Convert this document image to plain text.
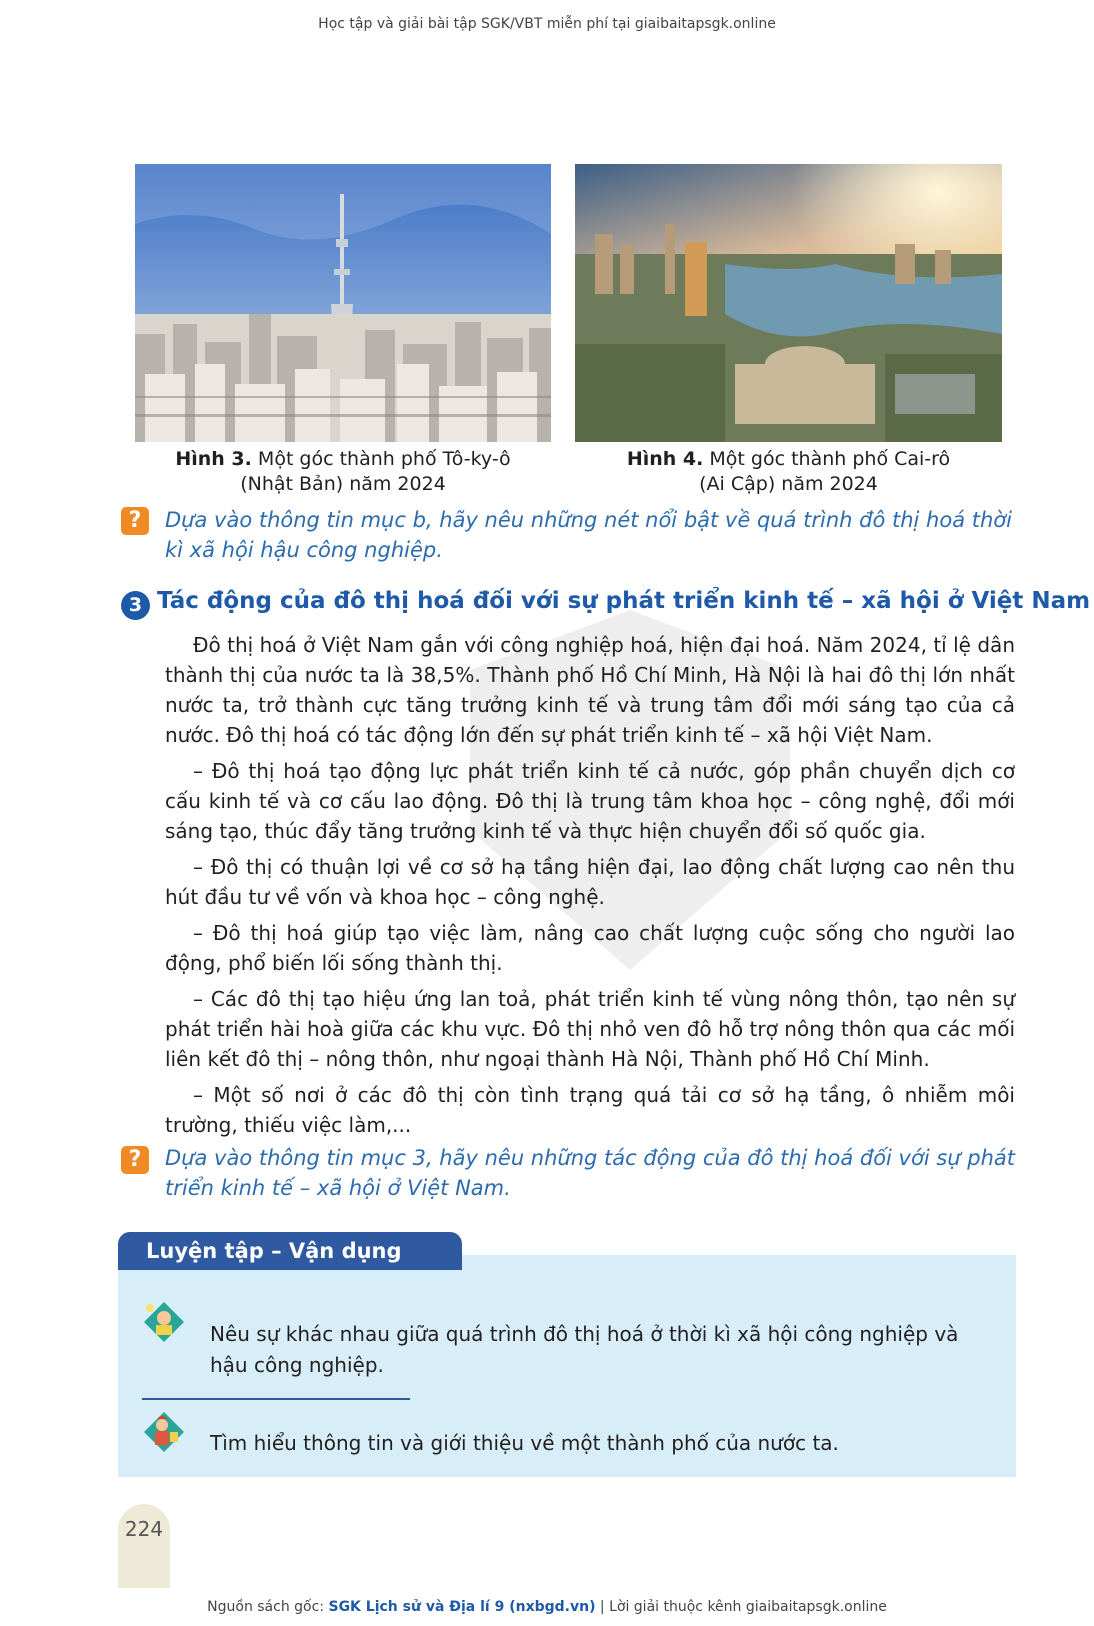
Học tập và giải bài tập SGK/VBT miễn phí tại giaibaitapsgk.online
Hình 3. Một góc thành phố Tô-ky-ô
(Nhật Bản) năm 2024
Hình 4. Một góc thành phố Cai-rô
(Ai Cập) năm 2024
?	Dựa vào thông tin mục b, hãy nêu những nét nổi bật về quá trình đô thị hoá thời kì xã hội hậu công nghiệp.
3 Tác động của đô thị hoá đối với sự phát triển kinh tế – xã hội ở Việt Nam

Đô thị hoá ở Việt Nam gắn với công nghiệp hoá, hiện đại hoá. Năm 2024, tỉ lệ dân thành thị của nước ta là 38,5%. Thành phố Hồ Chí Minh, Hà Nội là hai đô thị lớn nhất nước ta, trở thành cực tăng trưởng kinh tế và trung tâm đổi mới sáng tạo của cả nước. Đô thị hoá có tác động lớn đến sự phát triển kinh tế – xã hội Việt Nam.

– Đô thị hoá tạo động lực phát triển kinh tế cả nước, góp phần chuyển dịch cơ cấu kinh tế và cơ cấu lao động. Đô thị là trung tâm khoa học – công nghệ, đổi mới sáng tạo, thúc đẩy tăng trưởng kinh tế và thực hiện chuyển đổi số quốc gia.

– Đô thị có thuận lợi về cơ sở hạ tầng hiện đại, lao động chất lượng cao nên thu hút đầu tư về vốn và khoa học – công nghệ.

– Đô thị hoá giúp tạo việc làm, nâng cao chất lượng cuộc sống cho người lao động, phổ biến lối sống thành thị.

– Các đô thị tạo hiệu ứng lan toả, phát triển kinh tế vùng nông thôn, tạo nên sự phát triển hài hoà giữa các khu vực. Đô thị nhỏ ven đô hỗ trợ nông thôn qua các mối liên kết đô thị – nông thôn, như ngoại thành Hà Nội, Thành phố Hồ Chí Minh.

– Một số nơi ở các đô thị còn tình trạng quá tải cơ sở hạ tầng, ô nhiễm môi trường, thiếu việc làm,...

?	Dựa vào thông tin mục 3, hãy nêu những tác động của đô thị hoá đối với sự phát triển kinh tế – xã hội ở Việt Nam.
Luyện tập – Vận dụng
Nêu sự khác nhau giữa quá trình đô thị hoá ở thời kì xã hội công nghiệp và hậu công nghiệp.
Tìm hiểu thông tin và giới thiệu về một thành phố của nước ta.
224
Nguồn sách gốc: SGK Lịch sử và Địa lí 9 (nxbgd.vn) | Lời giải thuộc kênh giaibaitapsgk.online
